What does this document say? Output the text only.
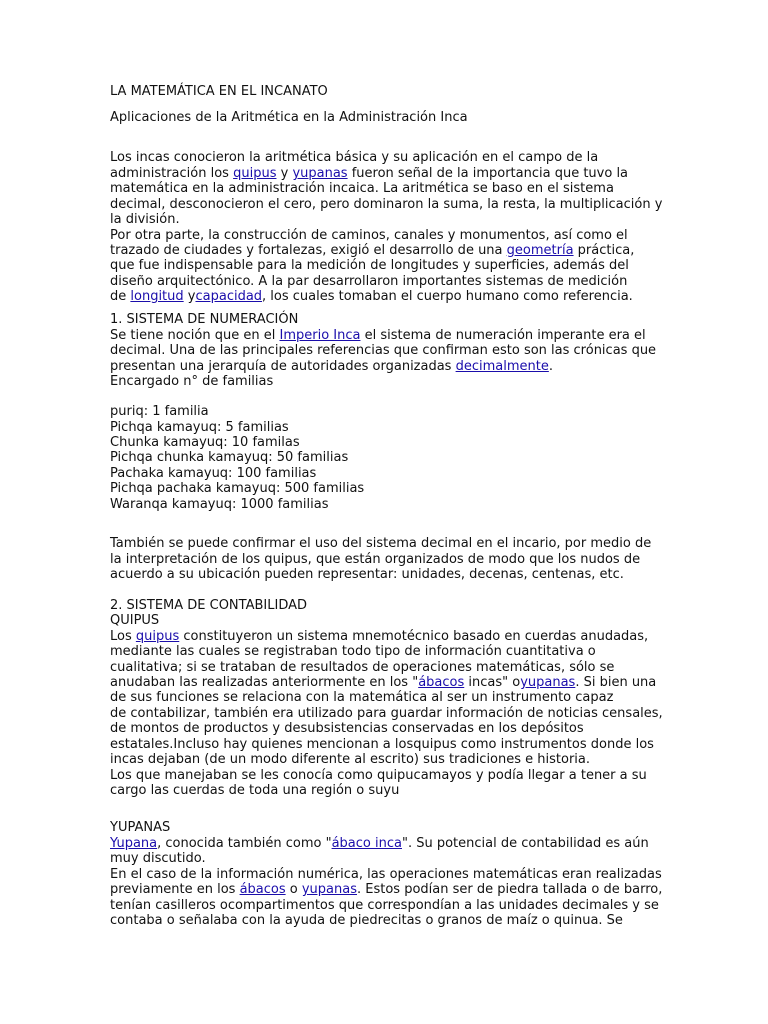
LA MATEMÁTICA EN EL INCANATO
Aplicaciones de la Aritmética en la Administración Inca
Los incas conocieron la aritmética básica y su aplicación en el campo de la
administración los quipus y yupanas fueron señal de la importancia que tuvo la
matemática en la administración incaica. La aritmética se baso en el sistema
decimal, desconocieron el cero, pero dominaron la suma, la resta, la multiplicación y
la división.
Por otra parte, la construcción de caminos, canales y monumentos, así como el
trazado de ciudades y fortalezas, exigió el desarrollo de una geometría práctica,
que fue indispensable para la medición de longitudes y superficies, además del
diseño arquitectónico. A la par desarrollaron importantes sistemas de medición
de longitud ycapacidad, los cuales tomaban el cuerpo humano como referencia.
1. SISTEMA DE NUMERACIÓN
Se tiene noción que en el Imperio Inca el sistema de numeración imperante era el
decimal. Una de las principales referencias que confirman esto son las crónicas que
presentan una jerarquía de autoridades organizadas decimalmente.
Encargado n° de familias
puriq: 1 familia
Pichqa kamayuq: 5 familias
Chunka kamayuq: 10 familas
Pichqa chunka kamayuq: 50 familias
Pachaka kamayuq: 100 familias
Pichqa pachaka kamayuq: 500 familias
Waranqa kamayuq: 1000 familias
También se puede confirmar el uso del sistema decimal en el incario, por medio de
la interpretación de los quipus, que están organizados de modo que los nudos de
acuerdo a su ubicación pueden representar: unidades, decenas, centenas, etc.
2. SISTEMA DE CONTABILIDAD
QUIPUS
Los quipus constituyeron un sistema mnemotécnico basado en cuerdas anudadas,
mediante las cuales se registraban todo tipo de información cuantitativa o
cualitativa; si se trataban de resultados de operaciones matemáticas, sólo se
anudaban las realizadas anteriormente en los "ábacos incas" oyupanas. Si bien una
de sus funciones se relaciona con la matemática al ser un instrumento capaz
de contabilizar, también era utilizado para guardar información de noticias censales,
de montos de productos y desubsistencias conservadas en los depósitos
estatales.Incluso hay quienes mencionan a losquipus como instrumentos donde los
incas dejaban (de un modo diferente al escrito) sus tradiciones e historia.
Los que manejaban se les conocía como quipucamayos y podía llegar a tener a su
cargo las cuerdas de toda una región o suyu
YUPANAS
Yupana, conocida también como "ábaco inca". Su potencial de contabilidad es aún
muy discutido.
En el caso de la información numérica, las operaciones matemáticas eran realizadas
previamente en los ábacos o yupanas. Estos podían ser de piedra tallada o de barro,
tenían casilleros ocompartimentos que correspondían a las unidades decimales y se
contaba o señalaba con la ayuda de piedrecitas o granos de maíz o quinua. Se
